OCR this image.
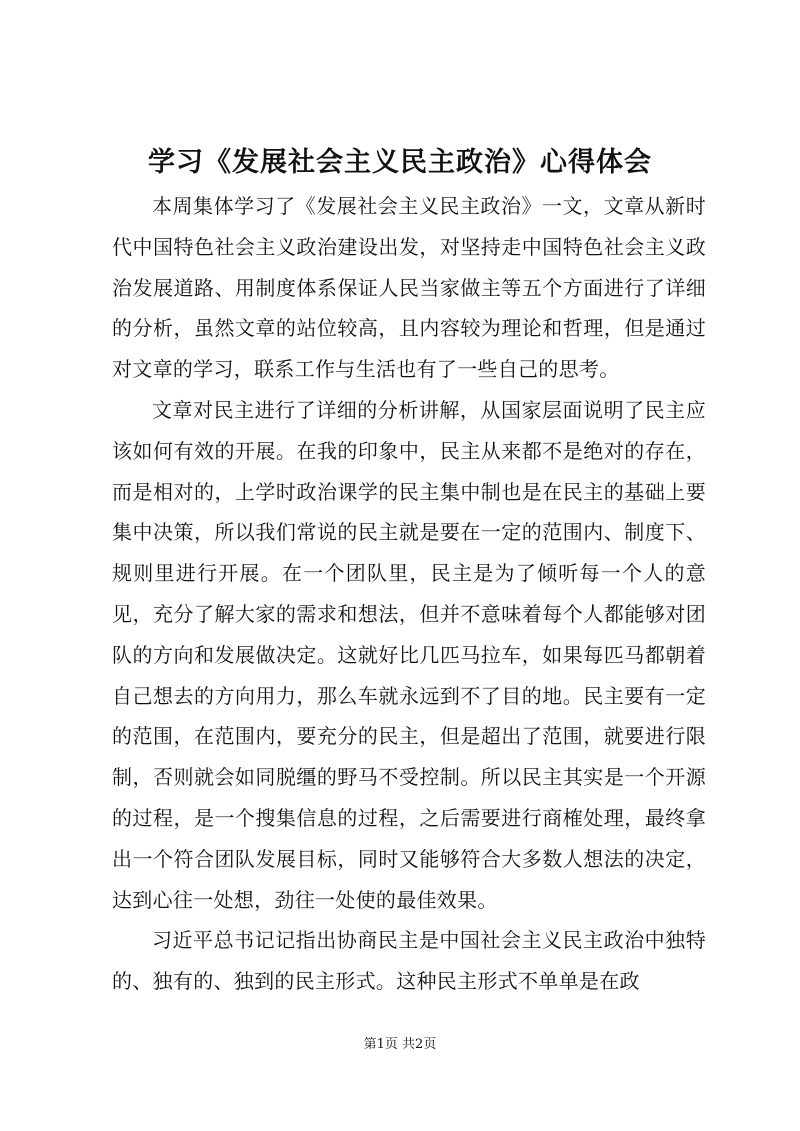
学习《发展社会主义民主政治》心得体会

本周集体学习了《发展社会主义民主政治》一文，文章从新时代中国特色社会主义政治建设出发，对坚持走中国特色社会主义政治发展道路、用制度体系保证人民当家做主等五个方面进行了详细的分析，虽然文章的站位较高，且内容较为理论和哲理，但是通过对文章的学习，联系工作与生活也有了一些自己的思考。

文章对民主进行了详细的分析讲解，从国家层面说明了民主应该如何有效的开展。在我的印象中，民主从来都不是绝对的存在，而是相对的，上学时政治课学的民主集中制也是在民主的基础上要集中决策，所以我们常说的民主就是要在一定的范围内、制度下、规则里进行开展。在一个团队里，民主是为了倾听每一个人的意见，充分了解大家的需求和想法，但并不意味着每个人都能够对团队的方向和发展做决定。这就好比几匹马拉车，如果每匹马都朝着自己想去的方向用力，那么车就永远到不了目的地。民主要有一定的范围，在范围内，要充分的民主，但是超出了范围，就要进行限制，否则就会如同脱缰的野马不受控制。所以民主其实是一个开源的过程，是一个搜集信息的过程，之后需要进行商榷处理，最终拿出一个符合团队发展目标，同时又能够符合大多数人想法的决定，达到心往一处想，劲往一处使的最佳效果。

习近平总书记记指出协商民主是中国社会主义民主政治中独特的、独有的、独到的民主形式。这种民主形式不单单是在政

第1页 共2页
